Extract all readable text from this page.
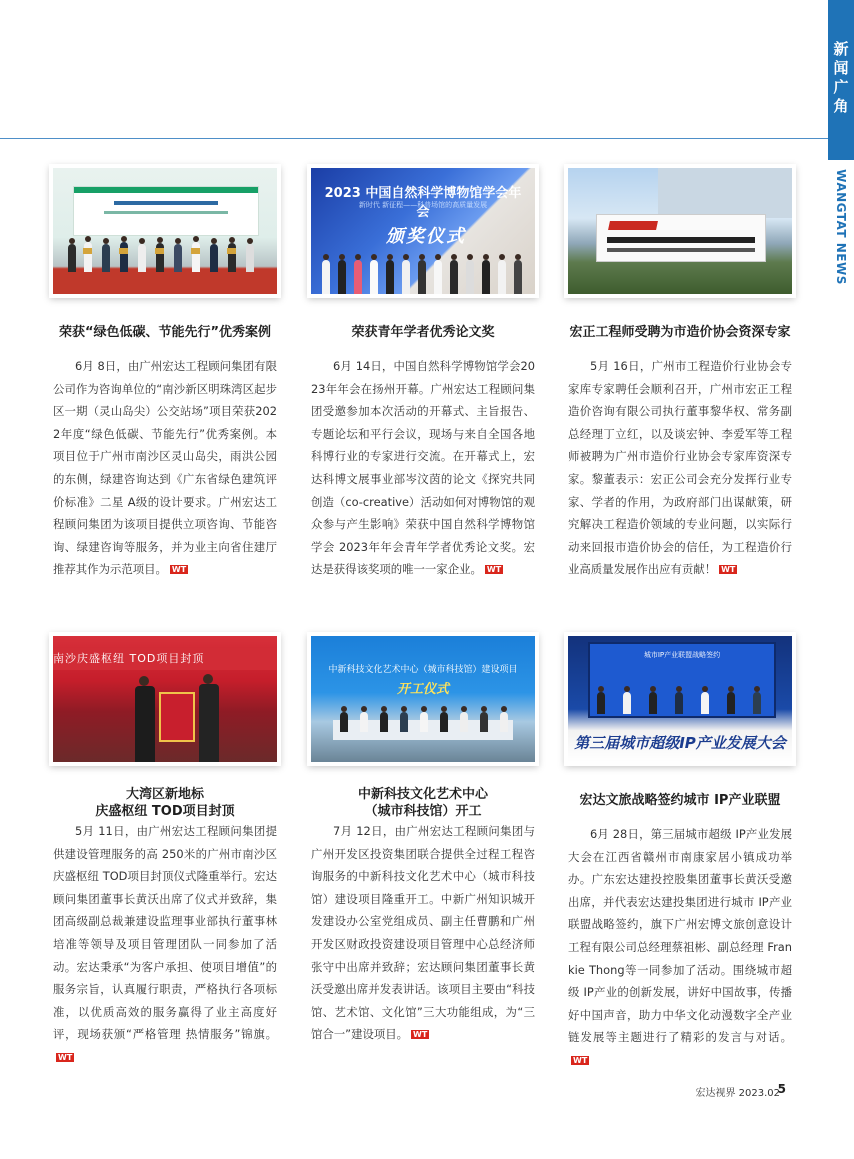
新
闻
广
角
WANGTAT NEWS
荣获“绿色低碳、节能先行”优秀案例
6月 8日，由广州宏达工程顾问集团有限公司作为咨询单位的“南沙新区明珠湾区起步区一期（灵山岛尖）公交站场”项目荣获2022年度“绿色低碳、节能先行”优秀案例。本项目位于广州市南沙区灵山岛尖，雨洪公园的东侧，绿建咨询达到《广东省绿色建筑评价标准》二星 A级的设计要求。广州宏达工程顾问集团为该项目提供立项咨询、节能咨询、绿建咨询等服务，并为业主向省住建厅推荐其作为示范项目。 WT
2023 中国自然科学博物馆学会年会
新时代 新征程——科普场馆的高质量发展
颁奖仪式
荣获青年学者优秀论文奖
6月 14日，中国自然科学博物馆学会2023年年会在扬州开幕。广州宏达工程顾问集团受邀参加本次活动的开幕式、主旨报告、专题论坛和平行会议，现场与来自全国各地科博行业的专家进行交流。在开幕式上，宏达科博文展事业部岑汶茵的论文《探究共同创造（co-creative）活动如何对博物馆的观众参与产生影响》荣获中国自然科学博物馆学会 2023年年会青年学者优秀论文奖。宏达是获得该奖项的唯一一家企业。 WT
宏正工程师受聘为市造价协会资深专家
5月 16日，广州市工程造价行业协会专家库专家聘任会顺利召开，广州市宏正工程造价咨询有限公司执行董事黎华权、常务副总经理丁立红，以及谈宏钟、李爱军等工程师被聘为广州市造价行业协会专家库资深专家。黎董表示：宏正公司会充分发挥行业专家、学者的作用，为政府部门出谋献策，研究解决工程造价领域的专业问题，以实际行动来回报市造价协会的信任，为工程造价行业高质量发展作出应有贡献！ WT
南沙庆盛枢纽 TOD项目封顶
大湾区新地标
庆盛枢纽 TOD项目封顶
5月 11日，由广州宏达工程顾问集团提供建设管理服务的高 250米的广州市南沙区庆盛枢纽 TOD项目封顶仪式隆重举行。宏达顾问集团董事长黄沃出席了仪式并致辞，集团高级副总裁兼建设监理事业部执行董事林培准等领导及项目管理团队一同参加了活动。宏达秉承“为客户承担、使项目增值”的服务宗旨，认真履行职责，严格执行各项标准，以优质高效的服务赢得了业主高度好评，现场获颁“严格管理 热情服务”锦旗。WT
中新科技文化艺术中心（城市科技馆）建设项目
开工仪式
中新科技文化艺术中心
（城市科技馆）开工
7月 12日，由广州宏达工程顾问集团与广州开发区投资集团联合提供全过程工程咨询服务的中新科技文化艺术中心（城市科技馆）建设项目隆重开工。中新广州知识城开发建设办公室党组成员、副主任曹鹏和广州开发区财政投资建设项目管理中心总经济师张守中出席并致辞；宏达顾问集团董事长黄沃受邀出席并发表讲话。该项目主要由“科技馆、艺术馆、文化馆”三大功能组成，为“三馆合一”建设项目。 WT
城市IP产业联盟战略签约
第三届城市超级IP产业发展大会
宏达文旅战略签约城市 IP产业联盟
6月 28日，第三届城市超级 IP产业发展大会在江西省赣州市南康家居小镇成功举办。广东宏达建投控股集团董事长黄沃受邀出席，并代表宏达建投集团进行城市 IP产业联盟战略签约，旗下广州宏博文旅创意设计工程有限公司总经理蔡祖彬、副总经理 Frankie Thong等一同参加了活动。围绕城市超级 IP产业的创新发展，讲好中国故事，传播好中国声音，助力中华文化动漫数字全产业链发展等主题进行了精彩的发言与对话。WT
宏达视界 2023.02
5
